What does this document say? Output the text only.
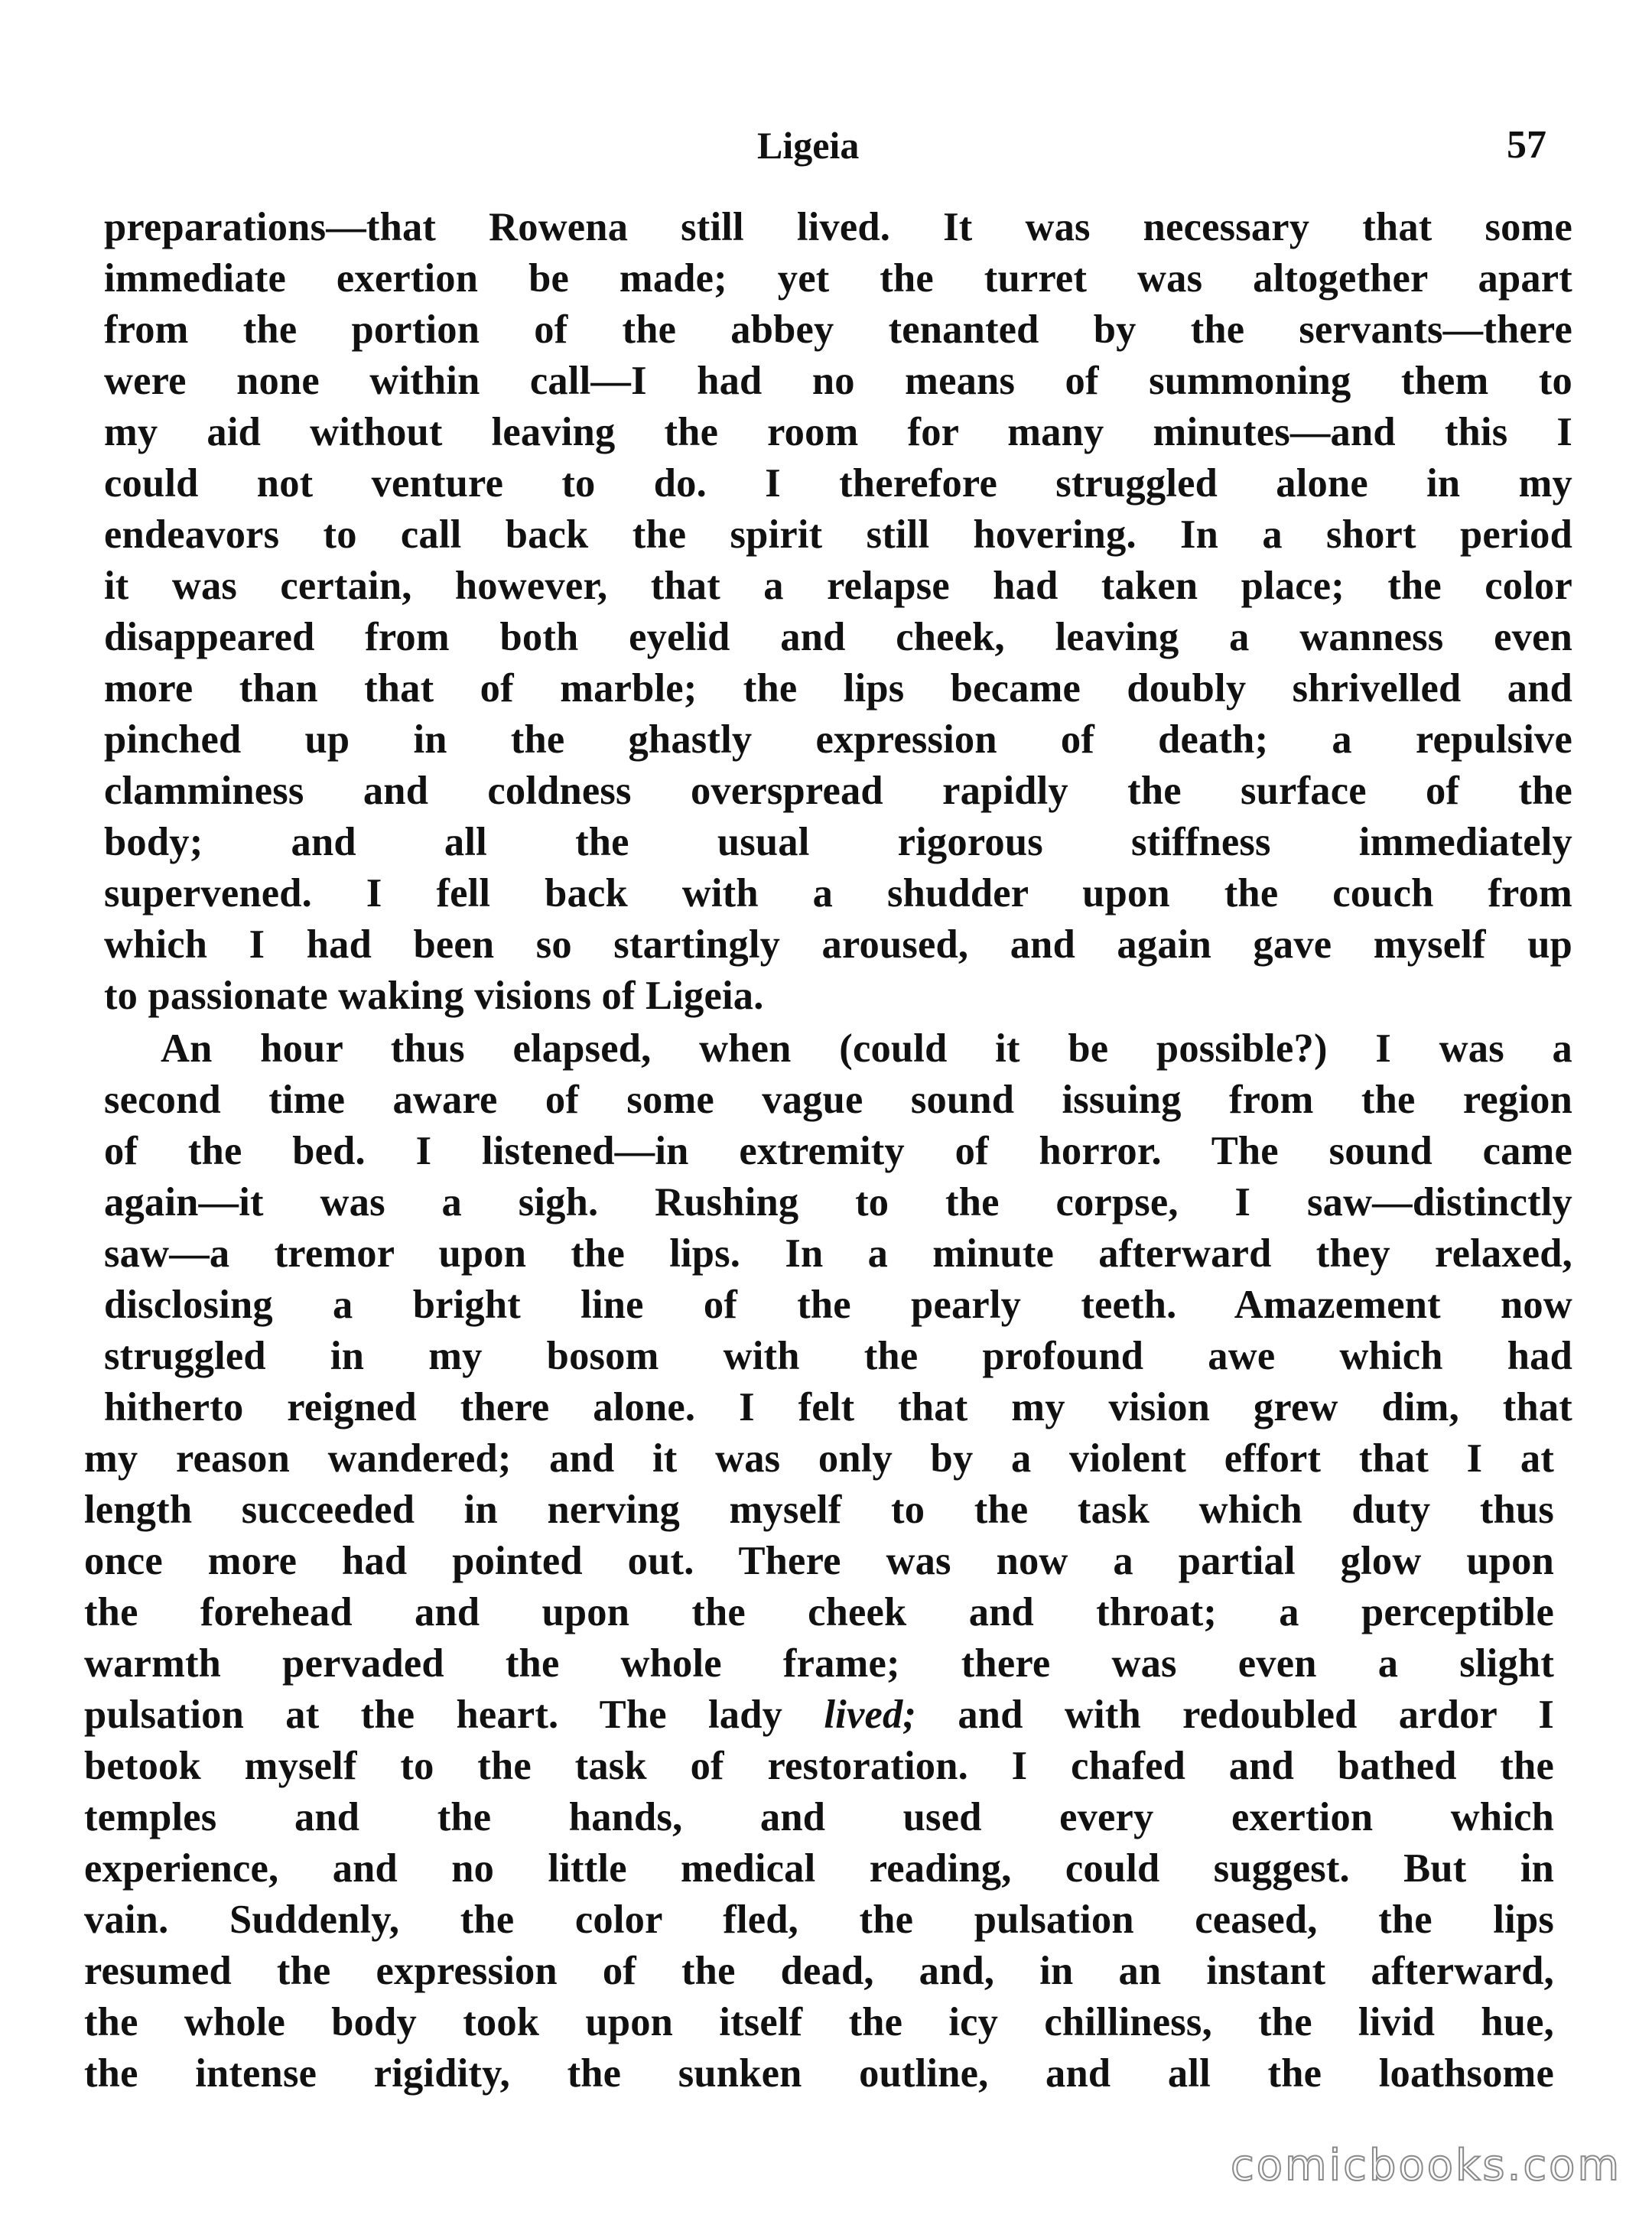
Ligeia	57
preparations—that Rowena still lived. It was necessary that some
immediate exertion be made; yet the turret was altogether apart
from the portion of the abbey tenanted by the servants—there
were none within call—I had no means of summoning them to
my aid without leaving the room for many minutes—and this I
could not venture to do. I therefore struggled alone in my
endeavors to call back the spirit still hovering. In a short period
it was certain, however, that a relapse had taken place; the color
disappeared from both eyelid and cheek, leaving a wanness even
more than that of marble; the lips became doubly shrivelled and
pinched up in the ghastly expression of death; a repulsive
clamminess and coldness overspread rapidly the surface of the
body; and all the usual rigorous stiffness immediately
supervened. I fell back with a shudder upon the couch from
which I had been so startingly aroused, and again gave myself up
to passionate waking visions of Ligeia.
An hour thus elapsed, when (could it be possible?) I was a
second time aware of some vague sound issuing from the region
of the bed. I listened—in extremity of horror. The sound came
again—it was a sigh. Rushing to the corpse, I saw—distinctly
saw—a tremor upon the lips. In a minute afterward they relaxed,
disclosing a bright line of the pearly teeth. Amazement now
struggled in my bosom with the profound awe which had
hitherto reigned there alone. I felt that my vision grew dim, that
my reason wandered; and it was only by a violent effort that I at
length succeeded in nerving myself to the task which duty thus
once more had pointed out. There was now a partial glow upon
the forehead and upon the cheek and throat; a perceptible
warmth pervaded the whole frame; there was even a slight
pulsation at the heart. The lady lived; and with redoubled ardor I
betook myself to the task of restoration. I chafed and bathed the
temples and the hands, and used every exertion which
experience, and no little medical reading, could suggest. But in
vain. Suddenly, the color fled, the pulsation ceased, the lips
resumed the expression of the dead, and, in an instant afterward,
the whole body took upon itself the icy chilliness, the livid hue,
the intense rigidity, the sunken outline, and all the loathsome
comicbooks.com
